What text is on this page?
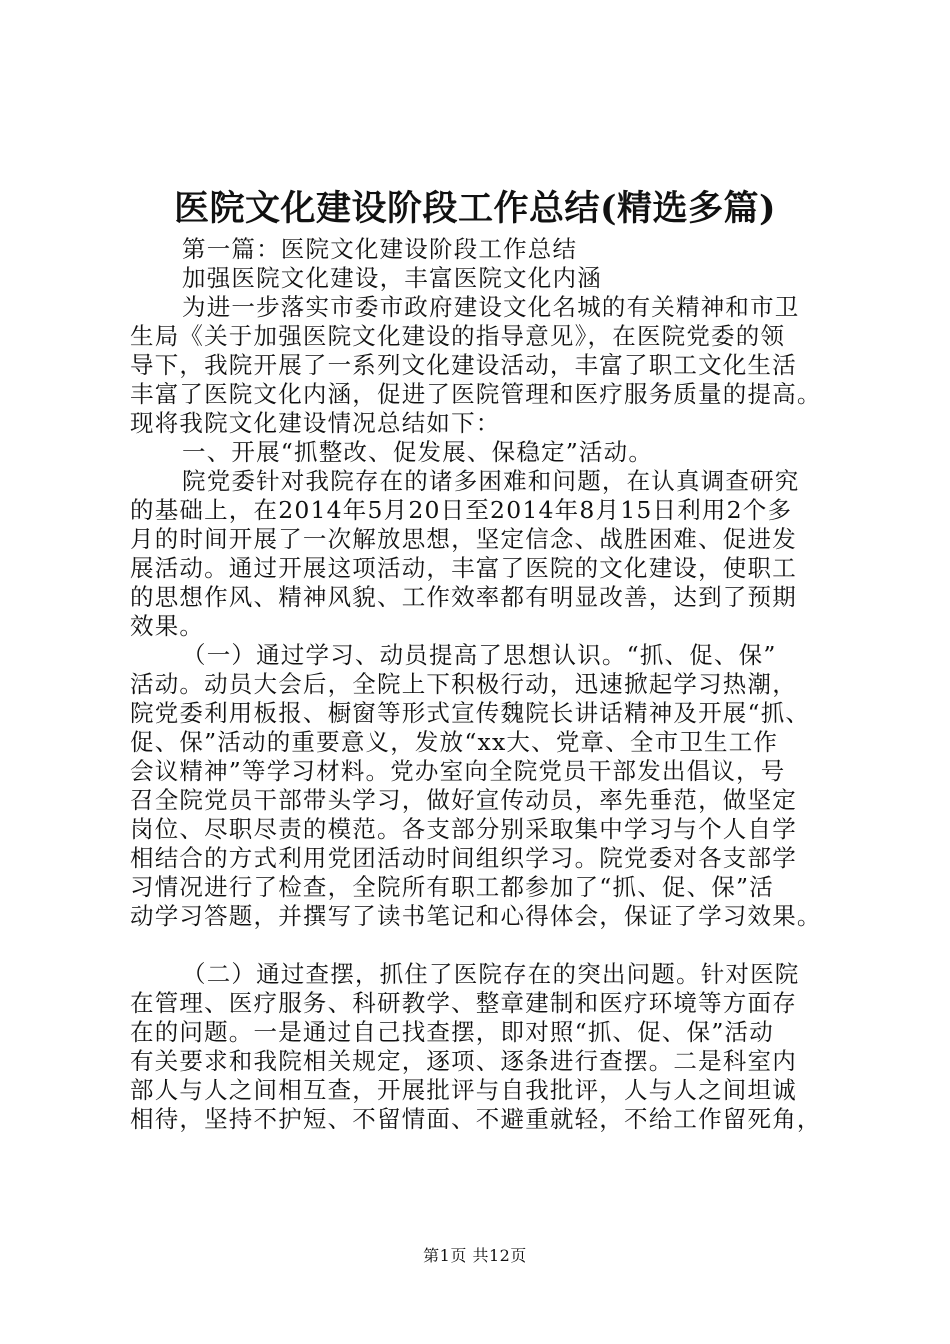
医院文化建设阶段工作总结(精选多篇)
第一篇：医院文化建设阶段工作总结
加强医院文化建设，丰富医院文化内涵
为进一步落实市委市政府建设文化名城的有关精神和市卫
生局《关于加强医院文化建设的指导意见》，在医院党委的领
导下，我院开展了一系列文化建设活动，丰富了职工文化生活
丰富了医院文化内涵，促进了医院管理和医疗服务质量的提高。
现将我院文化建设情况总结如下：
一、开展“抓整改、促发展、保稳定”活动。
院党委针对我院存在的诸多困难和问题，在认真调查研究
的基础上，在2014年5月20日至2014年8月15日利用2个多
月的时间开展了一次解放思想，坚定信念、战胜困难、促进发
展活动。通过开展这项活动，丰富了医院的文化建设，使职工
的思想作风、精神风貌、工作效率都有明显改善，达到了预期
效果。
（一）通过学习、动员提高了思想认识。“抓、促、保”
活动。动员大会后，全院上下积极行动，迅速掀起学习热潮，
院党委利用板报、橱窗等形式宣传魏院长讲话精神及开展“抓、
促、保”活动的重要意义，发放“xx大、党章、全市卫生工作
会议精神”等学习材料。党办室向全院党员干部发出倡议，号
召全院党员干部带头学习，做好宣传动员，率先垂范，做坚定
岗位、尽职尽责的模范。各支部分别采取集中学习与个人自学
相结合的方式利用党团活动时间组织学习。院党委对各支部学
习情况进行了检查，全院所有职工都参加了“抓、促、保”活
动学习答题，并撰写了读书笔记和心得体会，保证了学习效果。
（二）通过查摆，抓住了医院存在的突出问题。针对医院
在管理、医疗服务、科研教学、整章建制和医疗环境等方面存
在的问题。一是通过自己找查摆，即对照“抓、促、保”活动
有关要求和我院相关规定，逐项、逐条进行查摆。二是科室内
部人与人之间相互查，开展批评与自我批评，人与人之间坦诚
相待，坚持不护短、不留情面、不避重就轻，不给工作留死角，
第1页 共12页
